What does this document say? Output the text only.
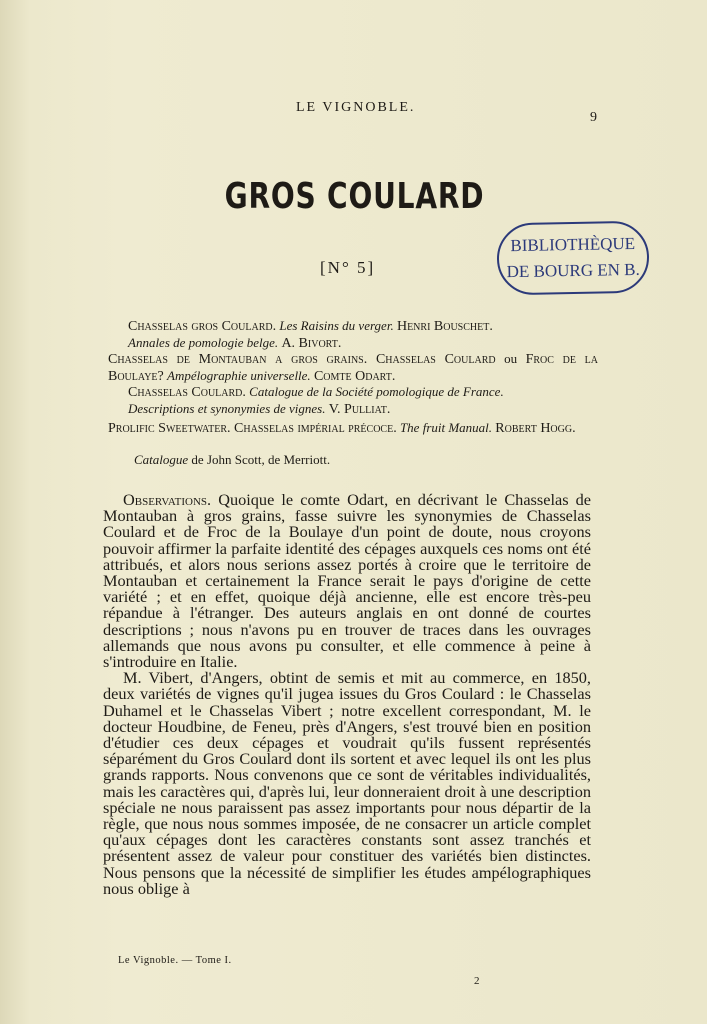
LE VIGNOBLE.
9
GROS COULARD
[N° 5]
BIBLIOTHÈQUE
DE BOURG EN B.
Chasselas gros Coulard. Les Raisins du verger. Henri Bouschet.
Annales de pomologie belge. A. Bivort.
Chasselas de Montauban a gros grains. Chasselas Coulard ou Froc de la Boulaye? Ampélographie universelle. Comte Odart.
Chasselas Coulard. Catalogue de la Société pomologique de France.
Descriptions et synonymies de vignes. V. Pulliat.
Prolific Sweetwater. Chasselas impérial précoce. The fruit Manual. Robert Hogg.
Catalogue de John Scott, de Merriott.

Observations. Quoique le comte Odart, en décrivant le Chasselas de Montauban à gros grains, fasse suivre les synonymies de Chasselas Coulard et de Froc de la Boulaye d'un point de doute, nous croyons pouvoir affirmer la parfaite identité des cépages auxquels ces noms ont été attribués, et alors nous serions assez portés à croire que le territoire de Montauban et certainement la France serait le pays d'origine de cette variété ; et en effet, quoique déjà ancienne, elle est encore très-peu répandue à l'étranger. Des auteurs anglais en ont donné de courtes descriptions ; nous n'avons pu en trouver de traces dans les ouvrages allemands que nous avons pu consulter, et elle commence à peine à s'introduire en Italie.

M. Vibert, d'Angers, obtint de semis et mit au commerce, en 1850, deux variétés de vignes qu'il jugea issues du Gros Coulard : le Chasselas Duhamel et le Chasselas Vibert ; notre excellent correspondant, M. le docteur Houdbine, de Feneu, près d'Angers, s'est trouvé bien en position d'étudier ces deux cépages et voudrait qu'ils fussent représentés séparément du Gros Coulard dont ils sortent et avec lequel ils ont les plus grands rapports. Nous convenons que ce sont de véritables individualités, mais les caractères qui, d'après lui, leur donneraient droit à une description spéciale ne nous paraissent pas assez importants pour nous départir de la règle, que nous nous sommes imposée, de ne consacrer un article complet qu'aux cépages dont les caractères constants sont assez tranchés et présentent assez de valeur pour constituer des variétés bien distinctes. Nous pensons que la nécessité de simplifier les études ampélographiques nous oblige à

Le Vignoble. — Tome I.
2
